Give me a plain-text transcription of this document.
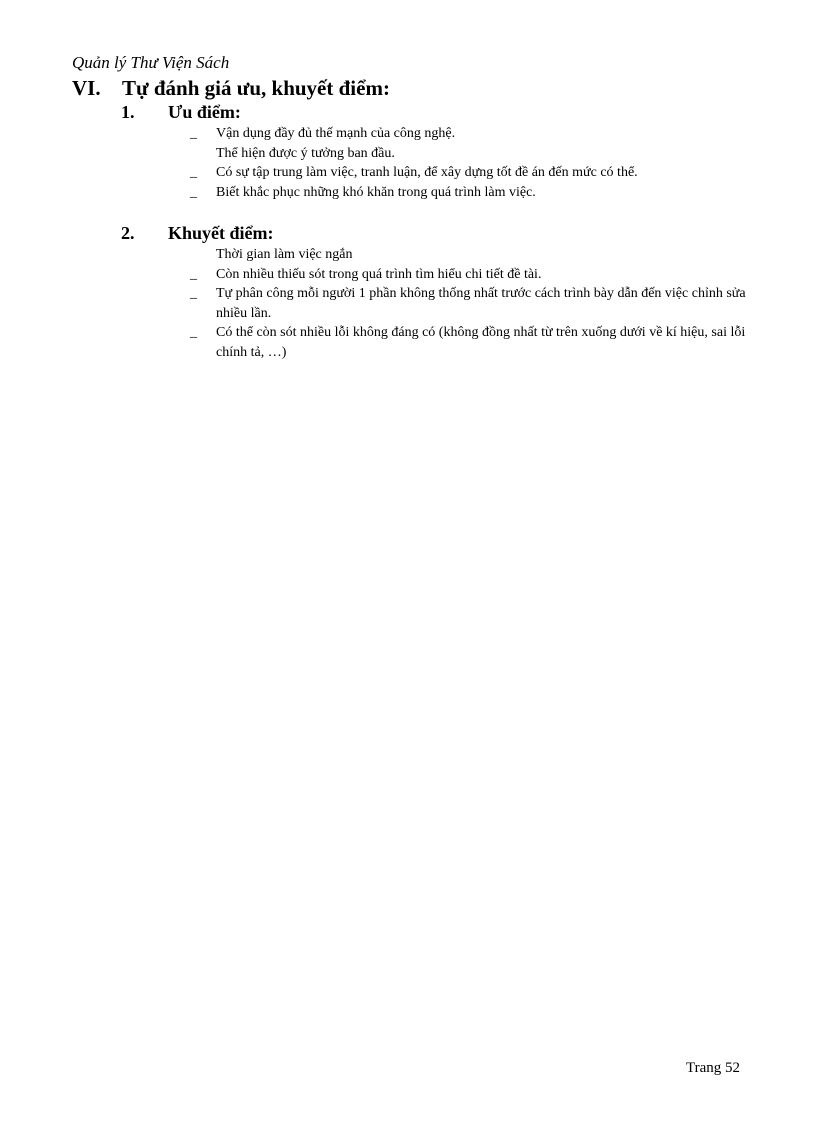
Quản lý Thư Viện Sách
VI. Tự đánh giá ưu, khuyết điểm:
1. Ưu điểm:
_	Vận dụng đầy đủ thế mạnh của công nghệ.
Thể hiện được ý tưởng ban đầu.
_	Có sự tập trung làm việc, tranh luận, để xây dựng tốt đề án đến mức có thể.
_	Biết khắc phục những khó khăn trong quá trình làm việc.
2. Khuyết điểm:
Thời gian làm việc ngắn
_	Còn nhiều thiếu sót trong quá trình tìm hiểu chi tiết đề tài.
_	Tự phân công mỗi người 1 phần không thống nhất trước cách trình bày dẫn đến việc chỉnh sửa nhiều lần.
_	Có thể còn sót nhiều lỗi không đáng có (không đồng nhất từ trên xuống dưới về kí hiệu, sai lỗi chính tả, …)
Trang 52
